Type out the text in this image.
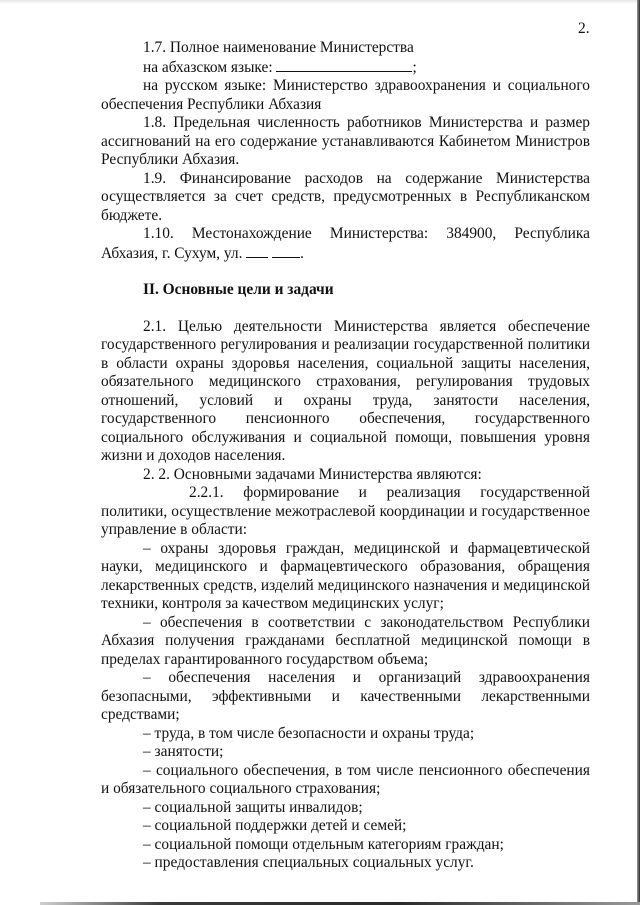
2.

1.7. Полное наименование Министерства

на абхазском языке:	;

на русском языке: Министерство здравоохранения и социального обеспечения Республики Абхазия

1.8. Предельная численность работников Министерства и размер ассигнований на его содержание устанавливаются Кабинетом Министров Республики Абхазия.

1.9. Финансирование расходов на содержание Министерства осуществляется за счет средств, предусмотренных в Республиканском бюджете.

1.10. Местонахождение Министерства: 384900, Республика Абхазия, г. Сухум, ул.	.

II. Основные цели и задачи

2.1. Целью деятельности Министерства является обеспечение государственного регулирования и реализации государственной политики в области охраны здоровья населения, социальной защиты населения, обязательного медицинского страхования, регулирования трудовых отношений, условий и охраны труда, занятости населения, государственного пенсионного обеспечения, государственного социального обслуживания и социальной помощи, повышения уровня жизни и доходов населения.

2. 2. Основными задачами Министерства являются:

2.2.1. формирование и реализация государственной политики, осуществление межотраслевой координации и государственное управление в области:

– охраны здоровья граждан, медицинской и фармацевтической науки, медицинского и фармацевтического образования, обращения лекарственных средств, изделий медицинского назначения и медицинской техники, контроля за качеством медицинских услуг;

– обеспечения в соответствии с законодательством Республики Абхазия получения гражданами бесплатной медицинской помощи в пределах гарантированного государством объема;

– обеспечения населения и организаций здравоохранения безопасными, эффективными и качественными лекарственными средствами;

– труда, в том числе безопасности и охраны труда;

– занятости;

– социального обеспечения, в том числе пенсионного обеспечения и обязательного социального страхования;

– социальной защиты инвалидов;

– социальной поддержки детей и семей;

– социальной помощи отдельным категориям граждан;

– предоставления специальных социальных услуг.
